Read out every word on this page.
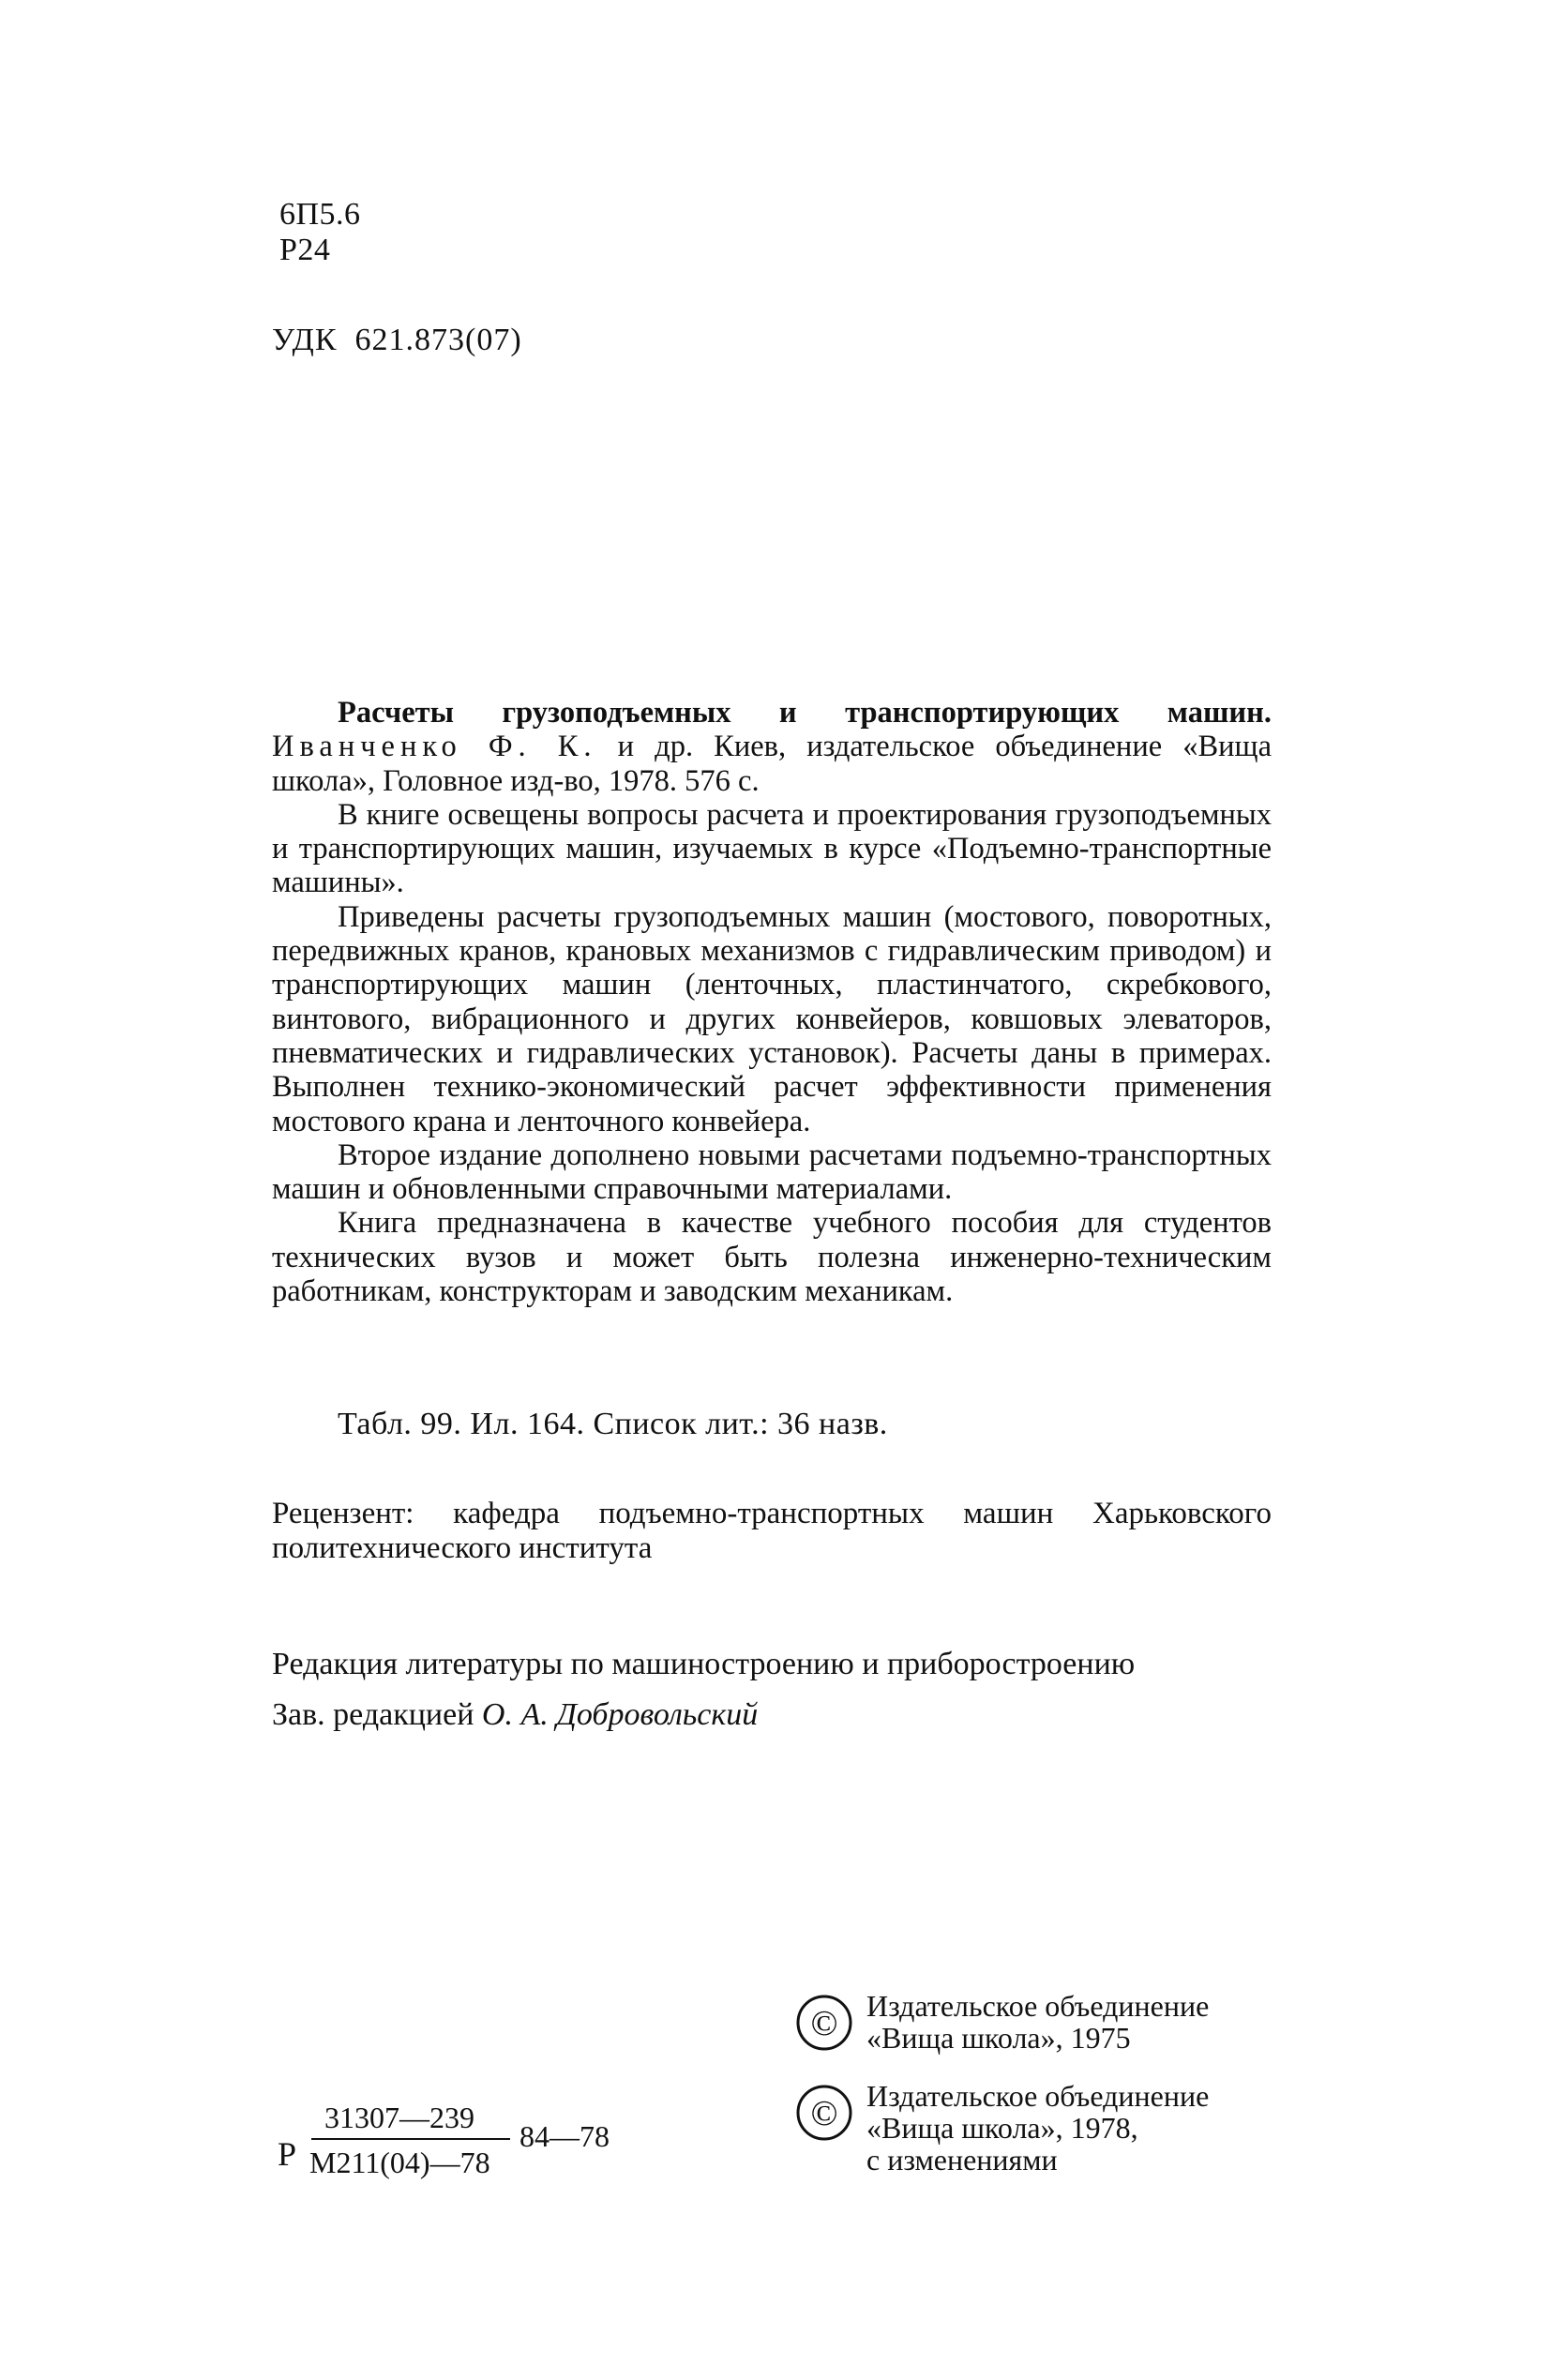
6П5.6
Р24
УДК 621.873(07)

Расчеты грузоподъемных и транспортирующих машин. Иванченко Ф. К. и др. Киев, издательское объединение «Вища школа», Головное изд-во, 1978. 576 с.

В книге освещены вопросы расчета и проектирования грузоподъемных и транспортирующих машин, изучаемых в курсе «Подъемно-транспортные машины».

Приведены расчеты грузоподъемных машин (мостового, поворотных, передвижных кранов, крановых механизмов с гидравлическим приводом) и транспортирующих машин (ленточных, пластинчатого, скребкового, винтового, вибрационного и других конвейеров, ковшовых элеваторов, пневматических и гидравлических установок). Расчеты даны в примерах. Выполнен технико-экономический расчет эффективности применения мостового крана и ленточного конвейера.

Второе издание дополнено новыми расчетами подъемно-транспортных машин и обновленными справочными материалами.

Книга предназначена в качестве учебного пособия для студентов технических вузов и может быть полезна инженерно-техническим работникам, конструкторам и заводским механикам.

Табл. 99. Ил. 164. Список лит.: 36 назв.
Рецензент: кафедра подъемно-транспортных машин Харьковского политехнического института
Редакция литературы по машиностроению и приборостроению
Зав. редакцией О. А. Добровольский
© Издательское объединение
«Вища школа», 1975
© Издательское объединение
«Вища школа», 1978,
с изменениями
Р
31307—239
М211(04)—78
84—78
